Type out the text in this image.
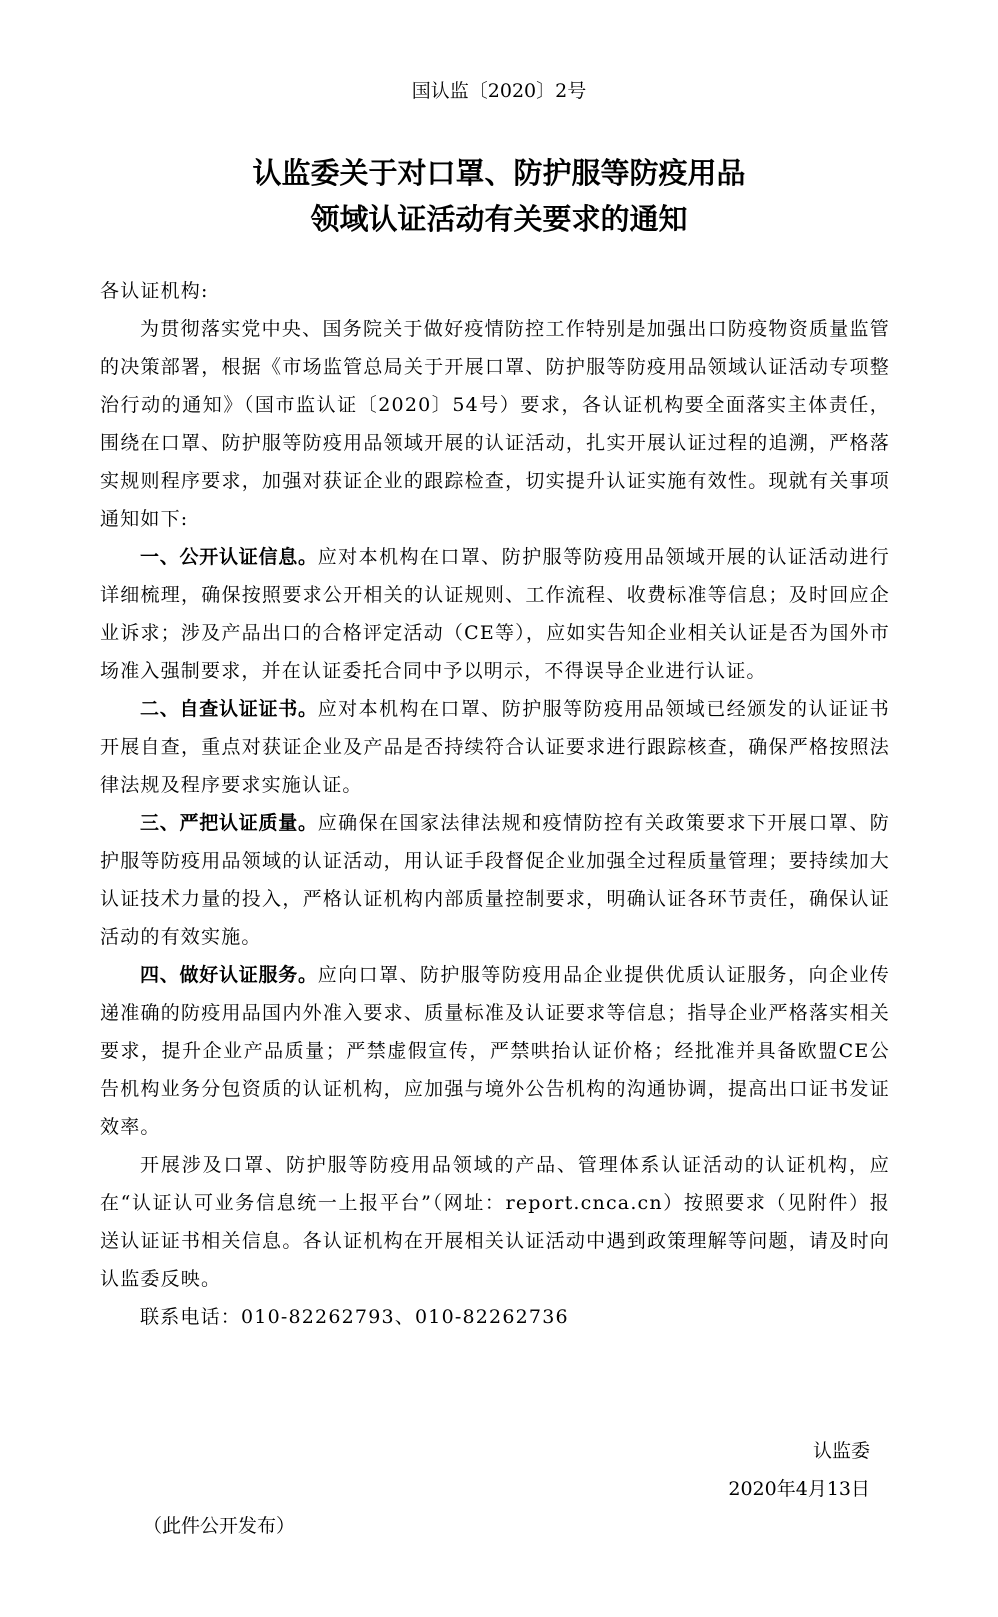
国认监〔2020〕2号
认监委关于对口罩、防护服等防疫用品
领域认证活动有关要求的通知

各认证机构:

为贯彻落实党中央、国务院关于做好疫情防控工作特别是加强出口防疫物资质量监管的决策部署，根据《市场监管总局关于开展口罩、防护服等防疫用品领域认证活动专项整治行动的通知》（国市监认证〔2020〕54号）要求，各认证机构要全面落实主体责任，围绕在口罩、防护服等防疫用品领域开展的认证活动，扎实开展认证过程的追溯，严格落实规则程序要求，加强对获证企业的跟踪检查，切实提升认证实施有效性。现就有关事项通知如下:

一、公开认证信息。应对本机构在口罩、防护服等防疫用品领域开展的认证活动进行详细梳理，确保按照要求公开相关的认证规则、工作流程、收费标准等信息；及时回应企业诉求；涉及产品出口的合格评定活动（CE等），应如实告知企业相关认证是否为国外市场准入强制要求，并在认证委托合同中予以明示，不得误导企业进行认证。

二、自查认证证书。应对本机构在口罩、防护服等防疫用品领域已经颁发的认证证书开展自查，重点对获证企业及产品是否持续符合认证要求进行跟踪核查，确保严格按照法律法规及程序要求实施认证。

三、严把认证质量。应确保在国家法律法规和疫情防控有关政策要求下开展口罩、防护服等防疫用品领域的认证活动，用认证手段督促企业加强全过程质量管理；要持续加大认证技术力量的投入，严格认证机构内部质量控制要求，明确认证各环节责任，确保认证活动的有效实施。

四、做好认证服务。应向口罩、防护服等防疫用品企业提供优质认证服务，向企业传递准确的防疫用品国内外准入要求、质量标准及认证要求等信息；指导企业严格落实相关要求，提升企业产品质量；严禁虚假宣传，严禁哄抬认证价格；经批准并具备欧盟CE公告机构业务分包资质的认证机构，应加强与境外公告机构的沟通协调，提高出口证书发证效率。

开展涉及口罩、防护服等防疫用品领域的产品、管理体系认证活动的认证机构，应在“认证认可业务信息统一上报平台”（网址：report.cnca.cn）按照要求（见附件）报送认证证书相关信息。各认证机构在开展相关认证活动中遇到政策理解等问题，请及时向认监委反映。

联系电话：010-82262793、010-82262736

认监委
2020年4月13日
（此件公开发布）
